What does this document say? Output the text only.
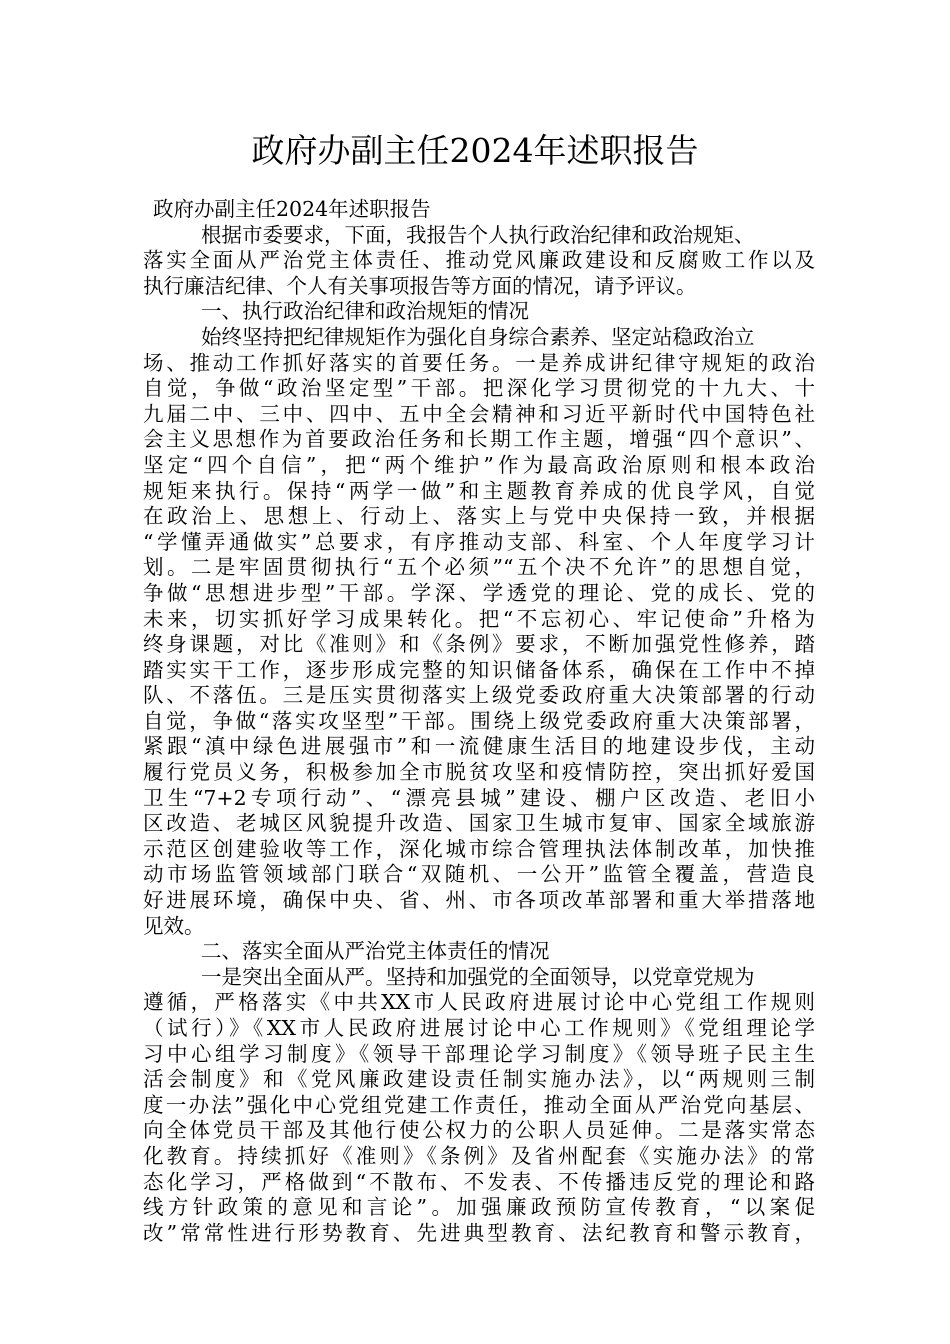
政府办副主任2024年述职报告
政府办副主任2024年述职报告
根据市委要求，下面，我报告个人执行政治纪律和政治规矩、
落实全面从严治党主体责任、推动党风廉政建设和反腐败工作以及
执行廉洁纪律、个人有关事项报告等方面的情况，请予评议。
一、执行政治纪律和政治规矩的情况
始终坚持把纪律规矩作为强化自身综合素养、坚定站稳政治立
场、推动工作抓好落实的首要任务。一是养成讲纪律守规矩的政治
自觉，争做“政治坚定型”干部。把深化学习贯彻党的十九大、十
九届二中、三中、四中、五中全会精神和习近平新时代中国特色社
会主义思想作为首要政治任务和长期工作主题，增强“四个意识”、
坚定“四个自信”，把“两个维护”作为最高政治原则和根本政治
规矩来执行。保持“两学一做”和主题教育养成的优良学风，自觉
在政治上、思想上、行动上、落实上与党中央保持一致，并根据
“学懂弄通做实”总要求，有序推动支部、科室、个人年度学习计
划。二是牢固贯彻执行“五个必须”“五个决不允许”的思想自觉，
争做“思想进步型”干部。学深、学透党的理论、党的成长、党的
未来，切实抓好学习成果转化。把“不忘初心、牢记使命”升格为
终身课题，对比《准则》和《条例》要求，不断加强党性修养，踏
踏实实干工作，逐步形成完整的知识储备体系，确保在工作中不掉
队、不落伍。三是压实贯彻落实上级党委政府重大决策部署的行动
自觉，争做“落实攻坚型”干部。围绕上级党委政府重大决策部署，
紧跟“滇中绿色进展强市”和一流健康生活目的地建设步伐，主动
履行党员义务，积极参加全市脱贫攻坚和疫情防控，突出抓好爱国
卫生“7+2专项行动”、“漂亮县城”建设、棚户区改造、老旧小
区改造、老城区风貌提升改造、国家卫生城市复审、国家全域旅游
示范区创建验收等工作，深化城市综合管理执法体制改革，加快推
动市场监管领域部门联合“双随机、一公开”监管全覆盖，营造良
好进展环境，确保中央、省、州、市各项改革部署和重大举措落地
见效。
二、落实全面从严治党主体责任的情况
一是突出全面从严。坚持和加强党的全面领导，以党章党规为
遵循，严格落实《中共XX市人民政府进展讨论中心党组工作规则
（试行）》《XX市人民政府进展讨论中心工作规则》《党组理论学
习中心组学习制度》《领导干部理论学习制度》《领导班子民主生
活会制度》和《党风廉政建设责任制实施办法》，以“两规则三制
度一办法”强化中心党组党建工作责任，推动全面从严治党向基层、
向全体党员干部及其他行使公权力的公职人员延伸。二是落实常态
化教育。持续抓好《准则》《条例》及省州配套《实施办法》的常
态化学习，严格做到“不散布、不发表、不传播违反党的理论和路
线方针政策的意见和言论”。加强廉政预防宣传教育，“以案促
改”常常性进行形势教育、先进典型教育、法纪教育和警示教育，
